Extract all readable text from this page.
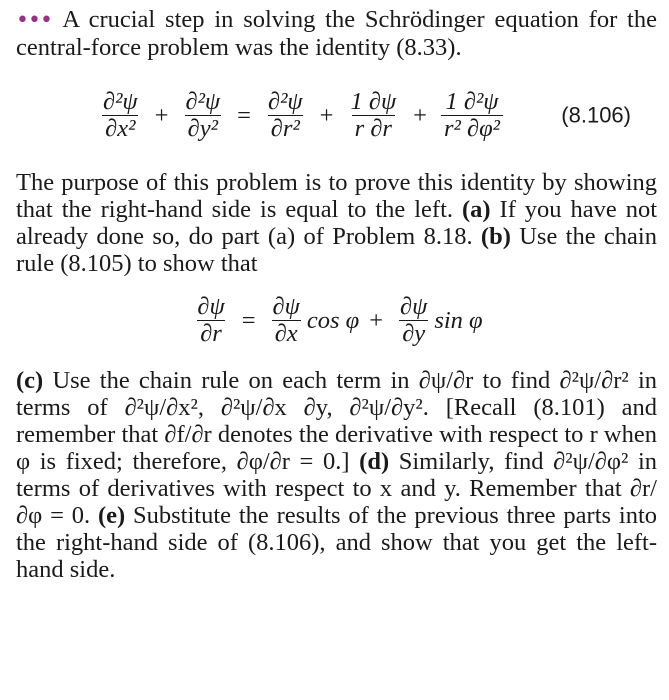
••• A crucial step in solving the Schrödinger equation for the central-force problem was the identity (8.33).

$\frac{\text{∂²ψ}}{\text{∂x²}} + \frac{\text{∂²ψ}}{\text{∂y²}} = \frac{\text{∂²ψ}}{\text{∂r²}} + \frac{1 \partial\psi}{r \partial r} + \frac{\text{1 ∂²ψ}}{\text{r² ∂φ²}}$	(8.106)

The purpose of this problem is to prove this identity by showing that the right-hand side is equal to the left. (a) If you have not already done so, do part (a) of Problem 8.18. (b) Use the chain rule (8.105) to show that

$\frac{\partial\psi}{\partial r} = \frac{\partial\psi}{\partial x}$ $\cos \varphi + \frac{\partial\psi}{\partial y}$ sin φ

(c) Use the chain rule on each term in ∂ψ/∂r to find ∂²ψ/∂r² in terms of ∂²ψ/∂x², ∂²ψ/∂x ∂y, ∂²ψ/∂y². [Recall (8.101) and remember that ∂f/∂r denotes the derivative with respect to r when φ is fixed; therefore, ∂φ/∂r = 0.] (d) Similarly, find ∂²ψ/∂φ² in terms of derivatives with respect to x and y. Remember that ∂r/∂φ = 0. (e) Substitute the results of the previous three parts into the right-hand side of (8.106), and show that you get the left-hand side.
